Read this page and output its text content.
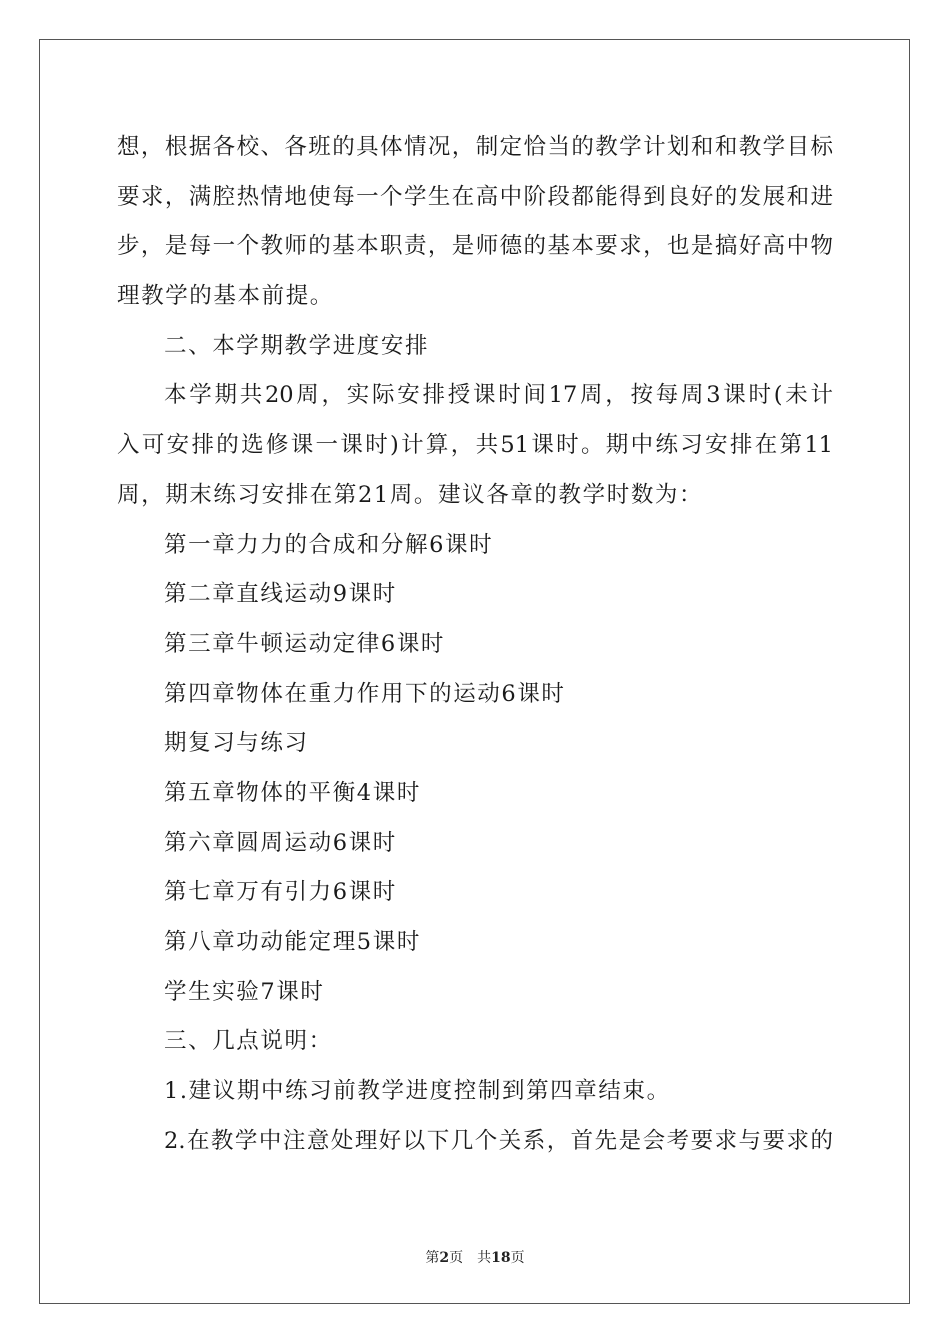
想，根据各校、各班的具体情况，制定恰当的教学计划和和教学目标
要求，满腔热情地使每一个学生在高中阶段都能得到良好的发展和进
步，是每一个教师的基本职责，是师德的基本要求，也是搞好高中物
理教学的基本前提。
二、本学期教学进度安排
本学期共20周，实际安排授课时间17周，按每周3课时(未计
入可安排的选修课一课时)计算，共51课时。期中练习安排在第11
周，期末练习安排在第21周。建议各章的教学时数为：
第一章力力的合成和分解6课时
第二章直线运动9课时
第三章牛顿运动定律6课时
第四章物体在重力作用下的运动6课时
期复习与练习
第五章物体的平衡4课时
第六章圆周运动6课时
第七章万有引力6课时
第八章功动能定理5课时
学生实验7课时
三、几点说明：
1.建议期中练习前教学进度控制到第四章结束。
2.在教学中注意处理好以下几个关系，首先是会考要求与要求的
第2页 共18页
